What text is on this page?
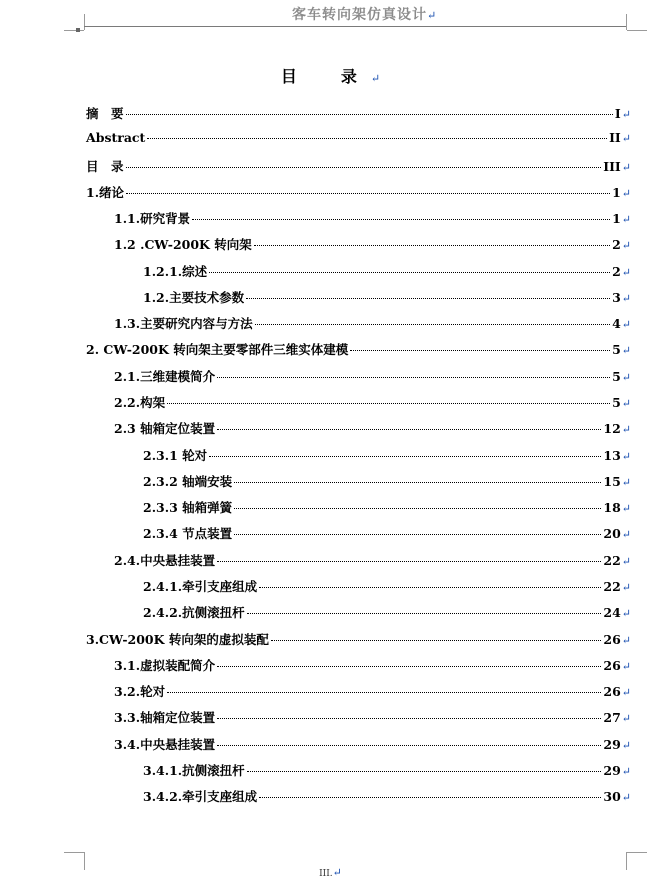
客车转向架仿真设计↵
目　录↵
摘　要	I ↵
Abstract	II ↵
目　录	III ↵
1.绪论	1 ↵
1.1.研究背景	1 ↵
1.2 .CW-200K 转向架	2 ↵
1.2.1.综述	2 ↵
1.2.主要技术参数	3 ↵
1.3.主要研究内容与方法	4 ↵
2. CW-200K 转向架主要零部件三维实体建模	5 ↵
2.1.三维建模简介	5 ↵
2.2.构架	5 ↵
2.3 轴箱定位装置	12 ↵
2.3.1 轮对	13 ↵
2.3.2 轴端安装	15 ↵
2.3.3 轴箱弹簧	18 ↵
2.3.4 节点装置	20 ↵
2.4.中央悬挂装置	22 ↵
2.4.1.牵引支座组成	22 ↵
2.4.2.抗侧滚扭杆	24 ↵
3.CW-200K 转向架的虚拟装配	26 ↵
3.1.虚拟装配简介	26 ↵
3.2.轮对	26 ↵
3.3.轴箱定位装置	27 ↵
3.4.中央悬挂装置	29 ↵
3.4.1.抗侧滚扭杆	29 ↵
3.4.2.牵引支座组成	30 ↵
III.↵
